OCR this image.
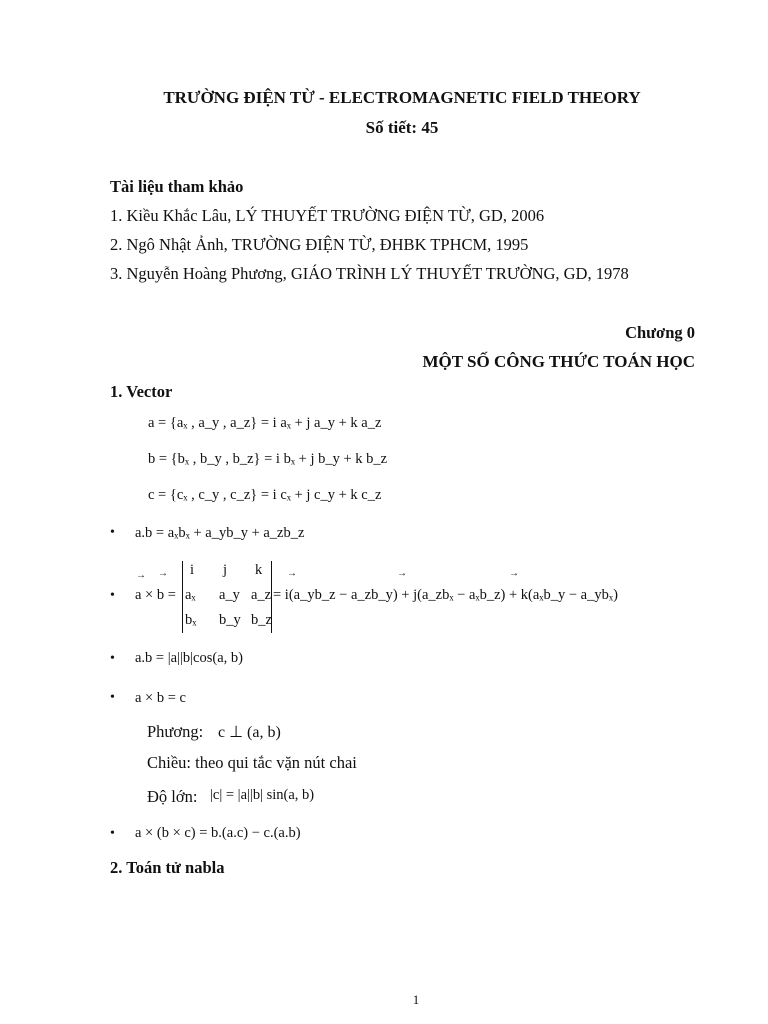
TRƯỜNG ĐIỆN TỪ - ELECTROMAGNETIC FIELD THEORY
Số tiết: 45
Tài liệu tham khảo
1. Kiều Khắc Lâu, LÝ THUYẾT TRƯỜNG ĐIỆN TỪ, GD, 2006
2. Ngô Nhật Ảnh, TRƯỜNG ĐIỆN TỪ, ĐHBK TPHCM, 1995
3. Nguyễn Hoàng Phương, GIÁO TRÌNH LÝ THUYẾT TRƯỜNG, GD, 1978
Chương 0
MỘT SỐ CÔNG THỨC TOÁN HỌC
1. Vector
a = {aₓ , a_y , a_z} = i aₓ + j a_y + k a_z
b = {bₓ , b_y , b_z} = i bₓ + j b_y + k b_z
c = {cₓ , c_y , c_z} = i cₓ + j c_y + k c_z
• a.b = aₓbₓ + a_yb_y + a_zb_z
•
→ →
a × b =
i j k
aₓ a_y a_z
bₓ b_y b_z
→	→	→
= i(a_yb_z − a_zb_y) + j(a_zbₓ − aₓb_z) + k(aₓb_y − a_ybₓ)
• a.b = |a||b|cos(a, b)
• a × b = c
Phương: c ⊥ (a, b)
Chiều: theo qui tắc vặn nút chai
Độ lớn: |c| = |a||b| sin(a, b)
• a × (b × c) = b.(a.c) − c.(a.b)
2. Toán tử nabla
1
